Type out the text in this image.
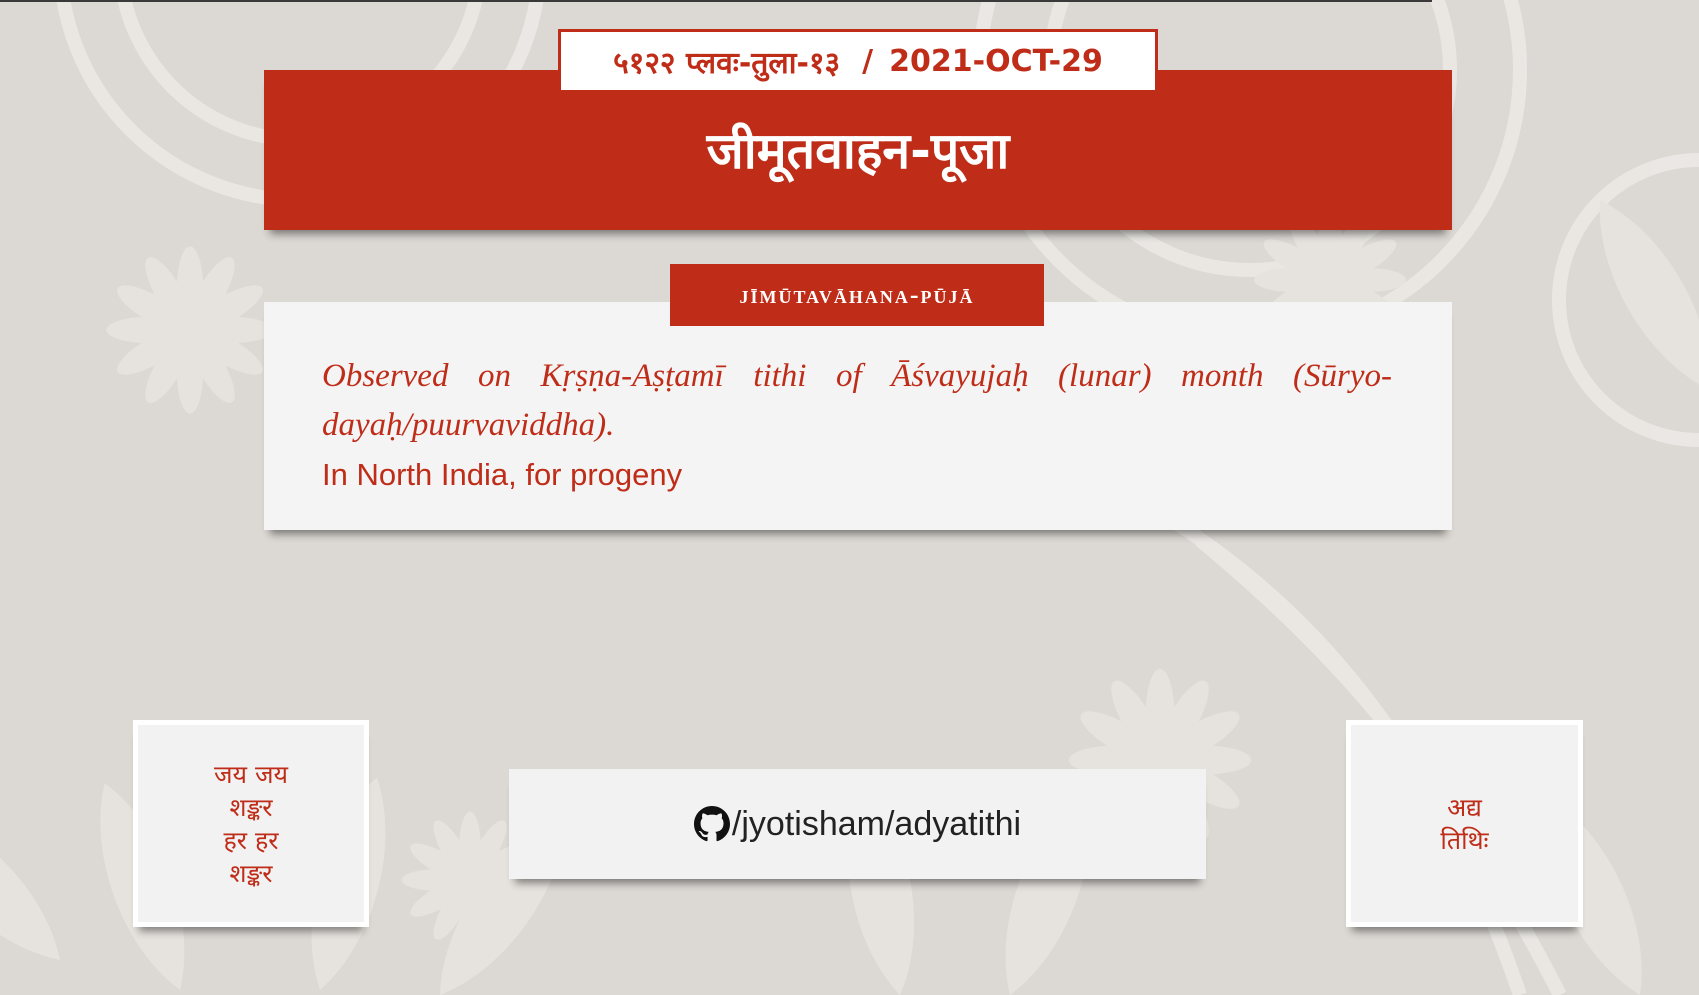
जीमूतवाहन-पूजा
५१२२ प्लवः-तुला-१३ / 2021-OCT-29

Observed on Kṛṣṇa-Aṣṭamī tithi of Āśvayujaḥ (lunar) month (Sūryo-dayaḥ/puurvaviddha).

In North India, for progeny

jīmūtavāhana-pūjā
जय जय
शङ्कर
हर हर
शङ्कर
/jyotisham/adyatithi	अद्य
तिथिः
